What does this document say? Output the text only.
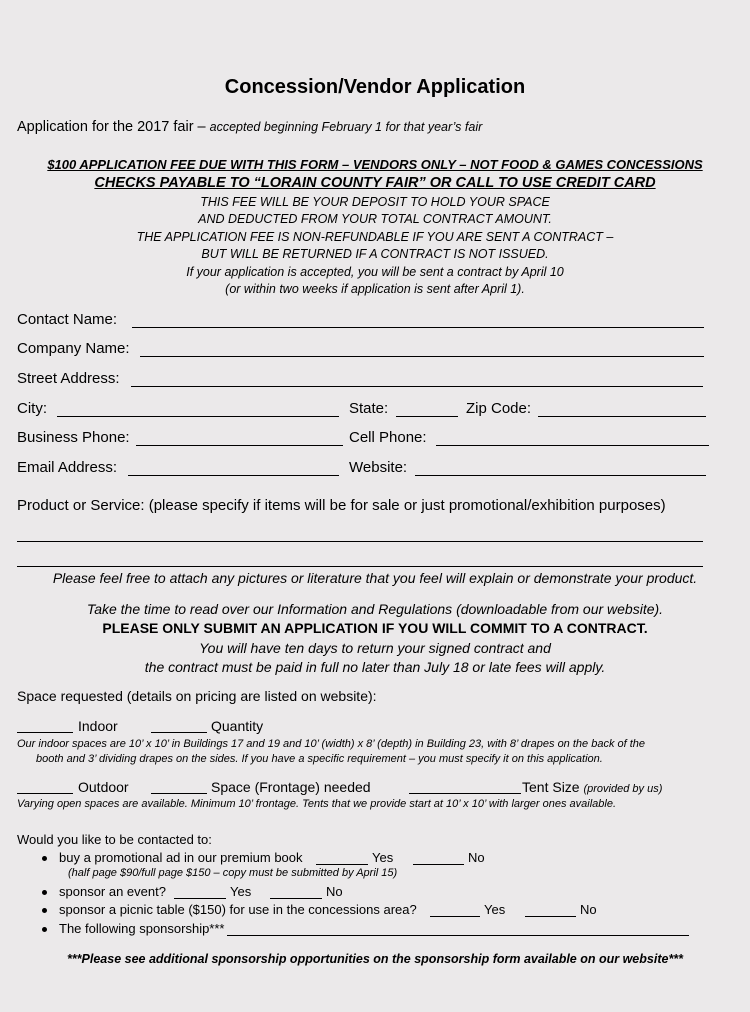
Concession/Vendor Application
Application for the 2017 fair – accepted beginning February 1 for that year’s fair
$100 APPLICATION FEE DUE WITH THIS FORM – VENDORS ONLY – NOT FOOD & GAMES CONCESSIONS
CHECKS PAYABLE TO “LORAIN COUNTY FAIR” OR CALL TO USE CREDIT CARD
THIS FEE WILL BE YOUR DEPOSIT TO HOLD YOUR SPACE
AND DEDUCTED FROM YOUR TOTAL CONTRACT AMOUNT.
THE APPLICATION FEE IS NON-REFUNDABLE IF YOU ARE SENT A CONTRACT –
BUT WILL BE RETURNED IF A CONTRACT IS NOT ISSUED.
If your application is accepted, you will be sent a contract by April 10
(or within two weeks if application is sent after April 1).
Contact Name:
Company Name:
Street Address:
City:	State:	Zip Code:
Business Phone:	Cell Phone:
Email Address:	Website:
Product or Service: (please specify if items will be for sale or just promotional/exhibition purposes)
Please feel free to attach any pictures or literature that you feel will explain or demonstrate your product.
Take the time to read over our Information and Regulations (downloadable from our website).
PLEASE ONLY SUBMIT AN APPLICATION IF YOU WILL COMMIT TO A CONTRACT.
You will have ten days to return your signed contract and
the contract must be paid in full no later than July 18 or late fees will apply.
Space requested (details on pricing are listed on website):
Indoor	Quantity
Our indoor spaces are 10’ x 10’ in Buildings 17 and 19 and 10’ (width) x 8’ (depth) in Building 23, with 8’ drapes on the back of the
booth and 3’ dividing drapes on the sides. If you have a specific requirement – you must specify it on this application.
Outdoor	Space (Frontage) needed	Tent Size (provided by us)
Varying open spaces are available. Minimum 10’ frontage. Tents that we provide start at 10’ x 10’ with larger ones available.
Would you like to be contacted to:
buy a promotional ad in our premium book	Yes	No
(half page $90/full page $150 – copy must be submitted by April 15)
sponsor an event?	Yes	No
sponsor a picnic table ($150) for use in the concessions area?	Yes	No
The following sponsorship***
***Please see additional sponsorship opportunities on the sponsorship form available on our website***
